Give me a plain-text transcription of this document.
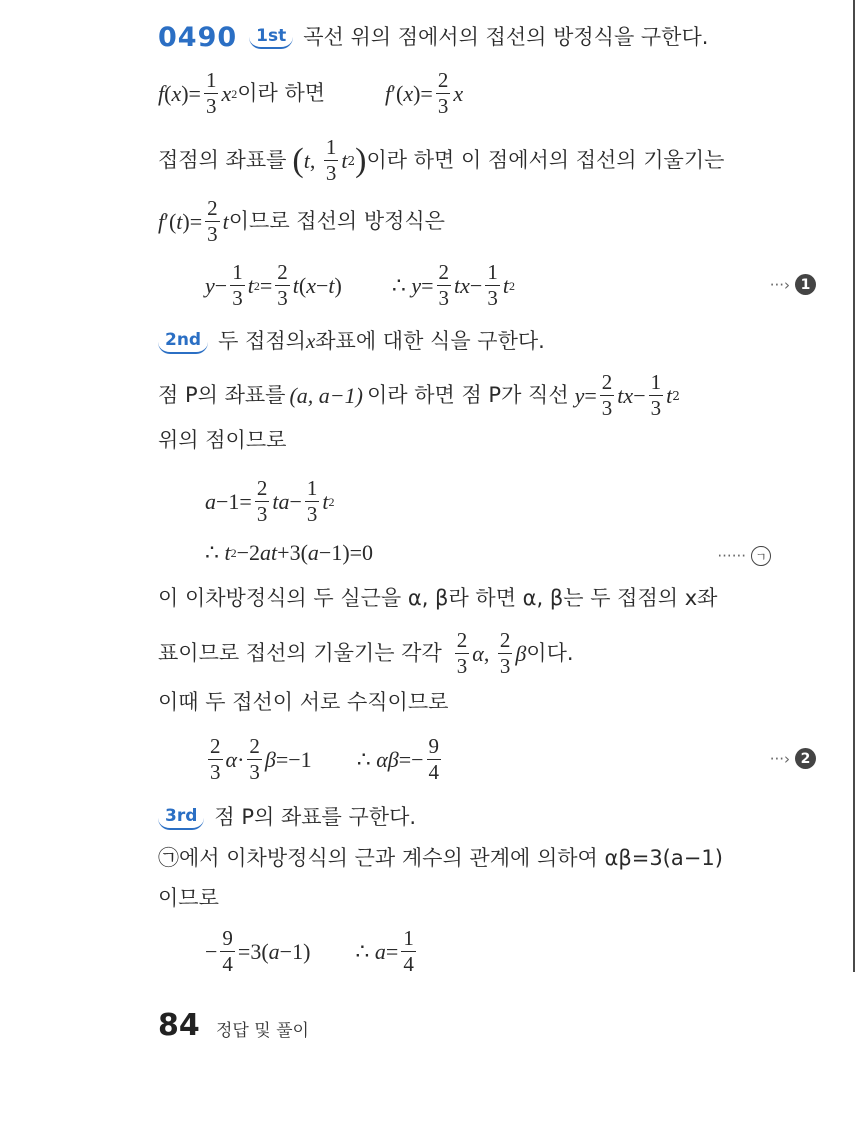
0490	1st 곡선 위의 점에서의 접선의 방정식을 구한다.
f ( x )= $\frac{1}{3}$ x 2 이라 하면	f ′( x )= $\frac{2}{3}$ x
접점의 좌표를 ( t , $\frac{1}{3}$ t 2 ) 이라 하면 이 점에서의 접선의 기울기는
f ′( t )= $\frac{2}{3}$ t 이므로 접선의 방정식은
$y - \frac{1}{3}$ t $2 = \frac{2}{3}$ t ( x − t ) ∴ $y = \frac{2}{3}$ tx − $\frac{1}{3}$ t 2	···› 1
2nd 두 접점의 x 좌표에 대한 식을 구한다.
점 P의 좌표를 (a, a−1) 이라 하면 점 P가 직선 $y = \frac{2}{3}$ tx − $\frac{1}{3}$ t 2
위의 점이므로
$a -1= \frac{2}{3}$ ta − $\frac{1}{3}$ t 2
∴ t 2 −2 at +3( a −1)=0	······ ㄱ
이 이차방정식의 두 실근을 α, β라 하면 α, β는 두 접점의 x좌
표이므로 접선의 기울기는 각각 $\frac{2}{3}$ α , $\frac{2}{3}$ β 이다.
이때 두 접선이 서로 수직이므로
$\frac{2}{3}$ $\alpha \cdot \frac{2}{3}$ β =−1 ∴ $\alpha\beta =- \frac{9}{4}$	···› 2
3rd 점 P의 좌표를 구한다.
㉠에서 이차방정식의 근과 계수의 관계에 의하여 αβ=3(a−1)
이므로
− $\frac{9}{4} =3$( a −1) ∴ $a = \frac{1}{4}$
84 정답 및 풀이
